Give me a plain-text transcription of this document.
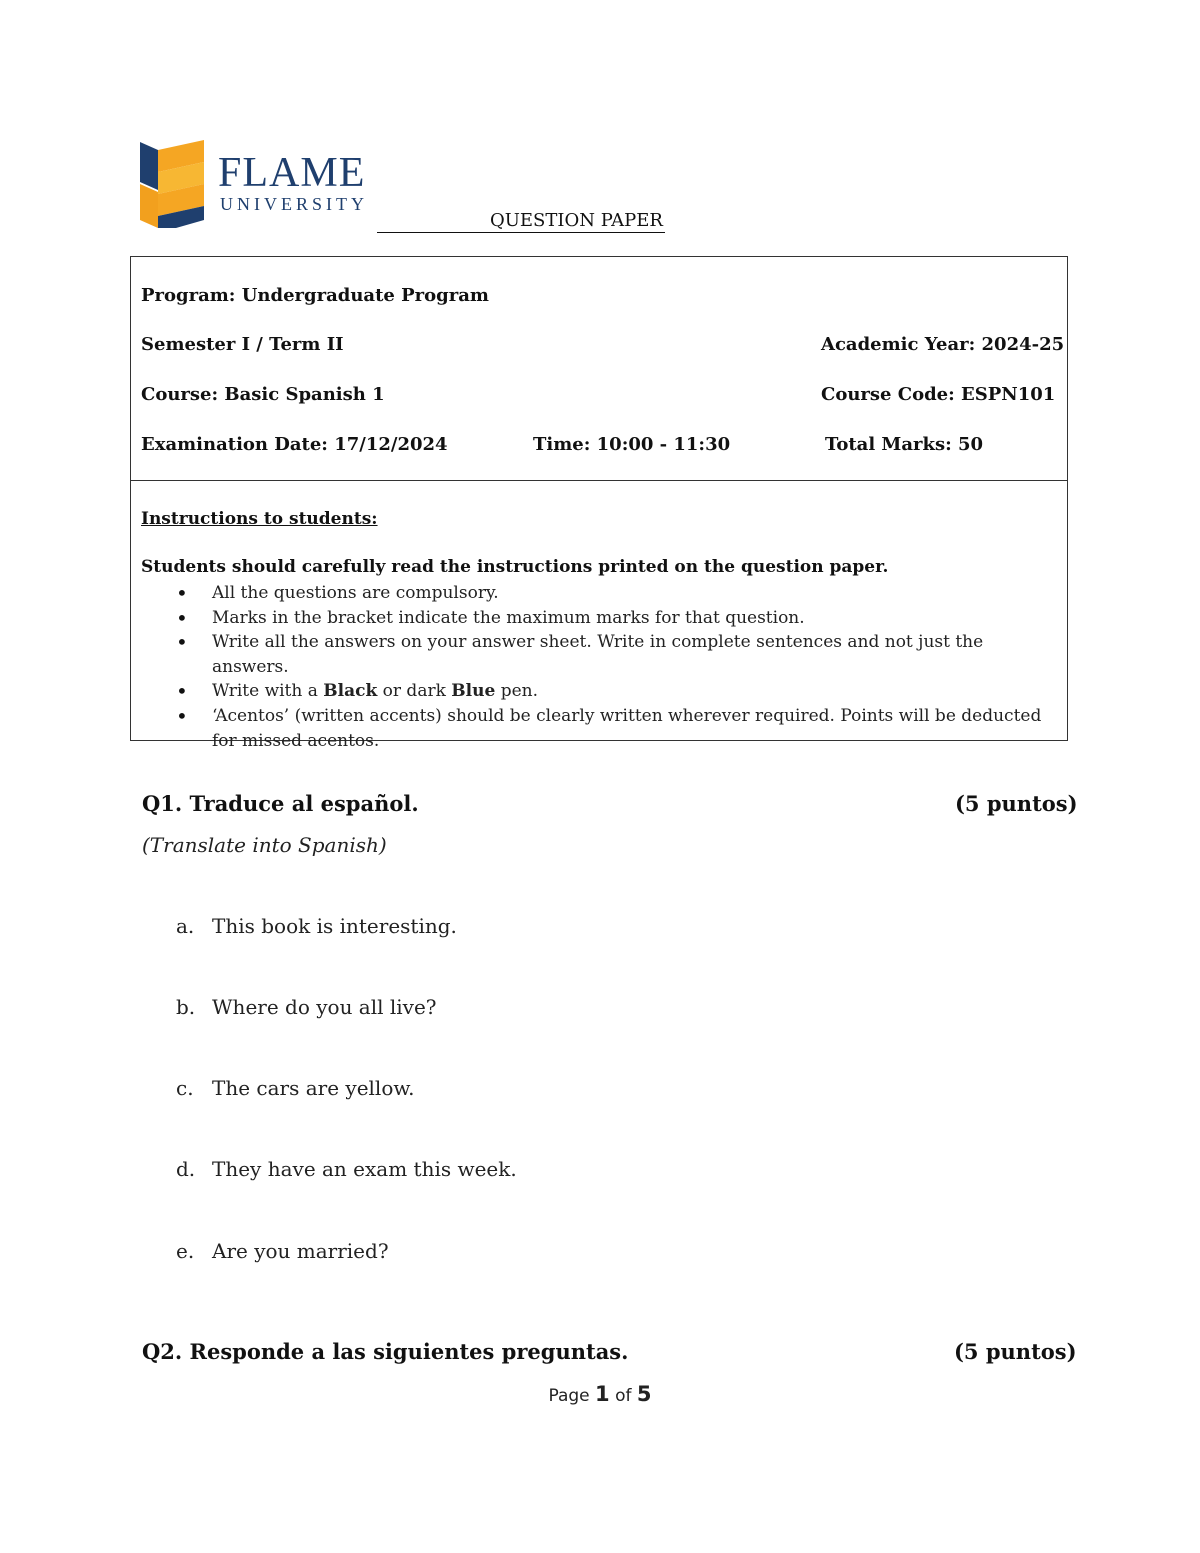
FLAME
UNIVERSITY
QUESTION PAPER
Program: Undergraduate Program
Semester I / Term II	Academic Year: 2024-25
Course: Basic Spanish 1	Course Code: ESPN101
Examination Date: 17/12/2024	Time: 10:00 - 11:30	Total Marks: 50
Instructions to students:
Students should carefully read the instructions printed on the question paper.
• All the questions are compulsory.
• Marks in the bracket indicate the maximum marks for that question.
• Write all the answers on your answer sheet. Write in complete sentences and not just the answers.
• Write with a Black or dark Blue pen.
• ‘Acentos’ (written accents) should be clearly written wherever required. Points will be deducted for missed acentos.
Q1. Traduce al español.	(5 puntos)
(Translate into Spanish)
a. This book is interesting.
b. Where do you all live?
c. The cars are yellow.
d. They have an exam this week.
e. Are you married?
Q2. Responde a las siguientes preguntas.	(5 puntos)
Page 1 of 5
